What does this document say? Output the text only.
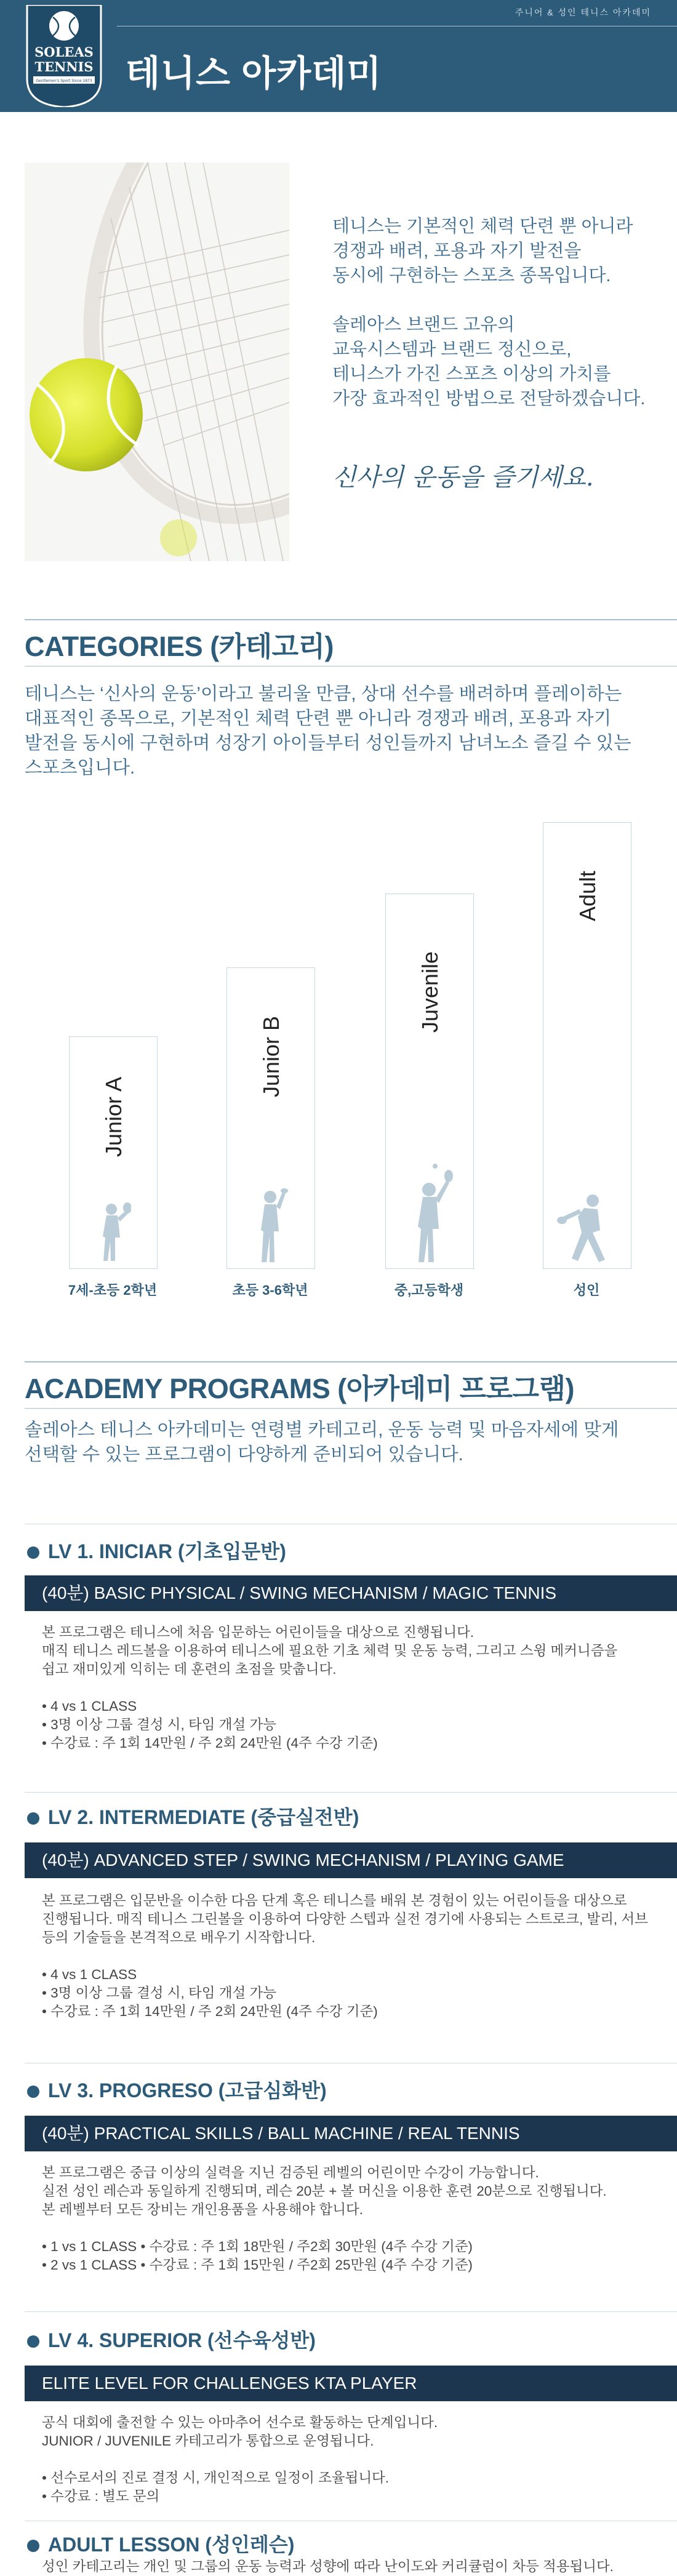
주니어 & 성인 테니스 아카데미
테니스 아카데미
SOLEAS
TENNIS
Gentlemen's Sport Since 1873

테니스는 기본적인 체력 단련 뿐 아니라
경쟁과 배려, 포용과 자기 발전을
동시에 구현하는 스포츠 종목입니다.

솔레아스 브랜드 고유의
교육시스템과 브랜드 정신으로,
테니스가 가진 스포츠 이상의 가치를
가장 효과적인 방법으로 전달하겠습니다.

신사의 운동을 즐기세요.
CATEGORIES (카테고리)
테니스는 ‘신사의 운동’이라고 불리울 만큼, 상대 선수를 배려하며 플레이하는
대표적인 종목으로, 기본적인 체력 단련 뿐 아니라 경쟁과 배려, 포용과 자기
발전을 동시에 구현하며 성장기 아이들부터 성인들까지 남녀노소 즐길 수 있는
스포츠입니다.
Junior A
Junior B
Juvenile
Adult
7세-초등 2학년	초등 3-6학년	중,고등학생	성인
ACADEMY PROGRAMS (아카데미 프로그램)
솔레아스 테니스 아카데미는 연령별 카테고리, 운동 능력 및 마음자세에 맞게
선택할 수 있는 프로그램이 다양하게 준비되어 있습니다.
LV 1. INICIAR (기초입문반)
(40분) BASIC PHYSICAL / SWING MECHANISM / MAGIC TENNIS

본 프로그램은 테니스에 처음 입문하는 어린이들을 대상으로 진행됩니다.
매직 테니스 레드볼을 이용하여 테니스에 필요한 기초 체력 및 운동 능력, 그리고 스윙 메커니즘을
쉽고 재미있게 익히는 데 훈련의 초점을 맞춥니다.

• 4 vs 1 CLASS
• 3명 이상 그룹 결성 시, 타임 개설 가능
• 수강료 : 주 1회 14만원 / 주 2회 24만원 (4주 수강 기준)
LV 2. INTERMEDIATE (중급실전반)
(40분) ADVANCED STEP / SWING MECHANISM / PLAYING GAME

본 프로그램은 입문반을 이수한 다음 단계 혹은 테니스를 배워 본 경험이 있는 어린이들을 대상으로
진행됩니다. 매직 테니스 그린볼을 이용하여 다양한 스텝과 실전 경기에 사용되는 스트로크, 발리, 서브
등의 기술들을 본격적으로 배우기 시작합니다.

• 4 vs 1 CLASS
• 3명 이상 그룹 결성 시, 타임 개설 가능
• 수강료 : 주 1회 14만원 / 주 2회 24만원 (4주 수강 기준)
LV 3. PROGRESO (고급심화반)
(40분) PRACTICAL SKILLS / BALL MACHINE / REAL TENNIS

본 프로그램은 중급 이상의 실력을 지닌 검증된 레벨의 어린이만 수강이 가능합니다.
실전 성인 레슨과 동일하게 진행되며, 레슨 20분 + 볼 머신을 이용한 훈련 20분으로 진행됩니다.
본 레벨부터 모든 장비는 개인용품을 사용해야 합니다.

• 1 vs 1 CLASS • 수강료 : 주 1회 18만원 / 주2회 30만원 (4주 수강 기준)
• 2 vs 1 CLASS • 수강료 : 주 1회 15만원 / 주2회 25만원 (4주 수강 기준)
LV 4. SUPERIOR (선수육성반)
ELITE LEVEL FOR CHALLENGES KTA PLAYER

공식 대회에 출전할 수 있는 아마추어 선수로 활동하는 단계입니다.
JUNIOR / JUVENILE 카테고리가 통합으로 운영됩니다.

• 선수로서의 진로 결정 시, 개인적으로 일정이 조율됩니다.
• 수강료 : 별도 문의
ADULT LESSON (성인레슨)
성인 카테고리는 개인 및 그룹의 운동 능력과 성향에 따라 난이도와 커리큘럼이 차등 적용됩니다.
